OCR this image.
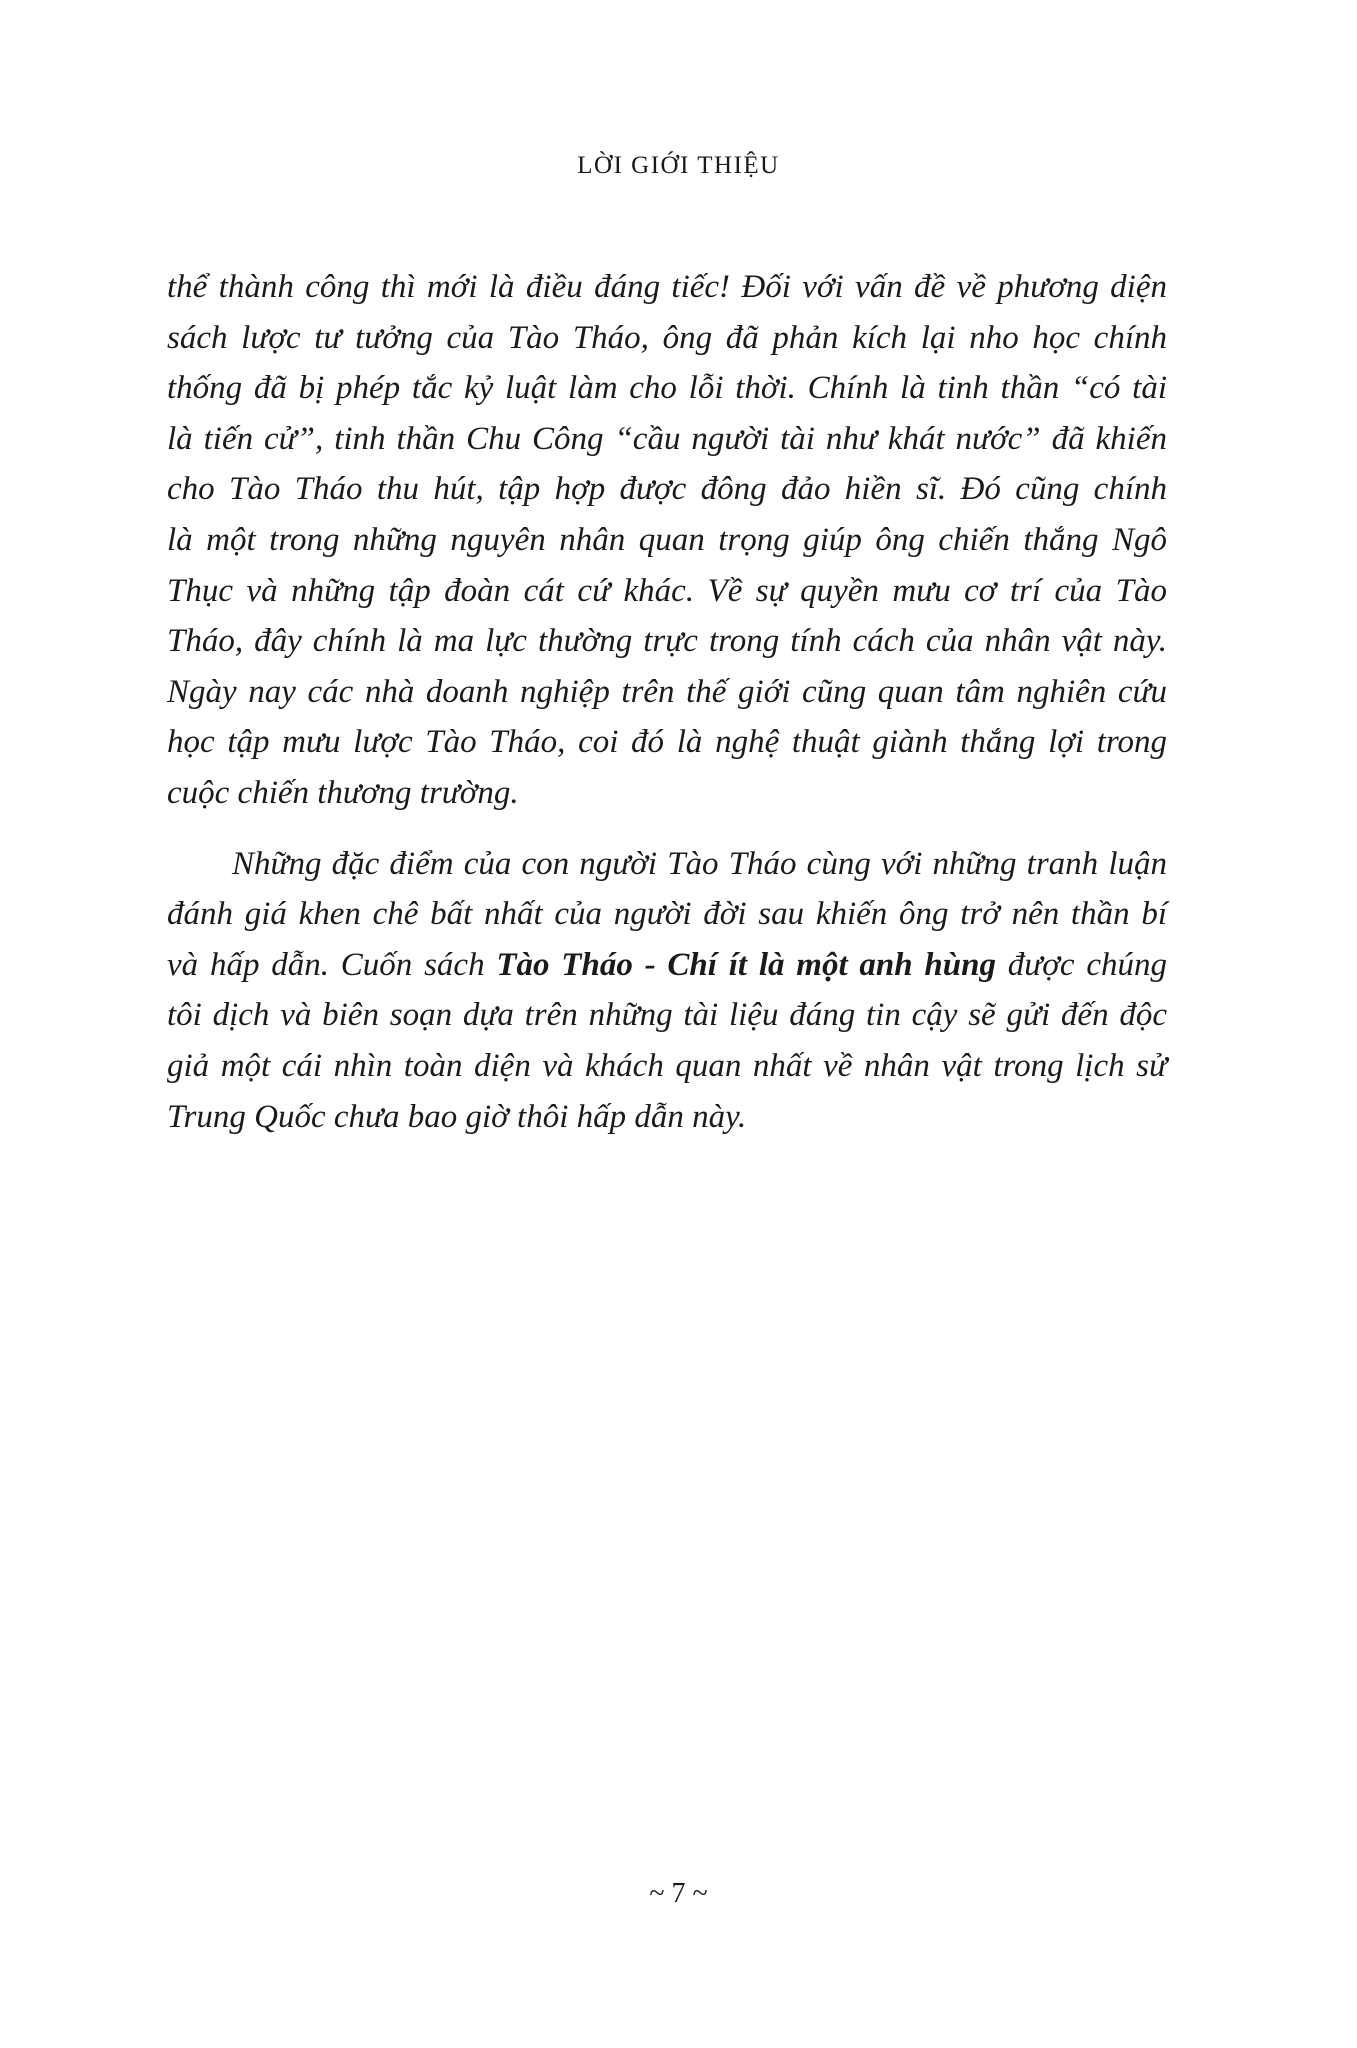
LỜI GIỚI THIỆU

thể thành công thì mới là điều đáng tiếc! Đối với vấn đề về phương diện
sách lược tư tưởng của Tào Tháo, ông đã phản kích lại nho học chính
thống đã bị phép tắc kỷ luật làm cho lỗi thời. Chính là tinh thần “có tài
là tiến cử”, tinh thần Chu Công “cầu người tài như khát nước” đã khiến
cho Tào Tháo thu hút, tập hợp được đông đảo hiền sĩ. Đó cũng chính
là một trong những nguyên nhân quan trọng giúp ông chiến thắng Ngô
Thục và những tập đoàn cát cứ khác. Về sự quyền mưu cơ trí của Tào
Tháo, đây chính là ma lực thường trực trong tính cách của nhân vật này.
Ngày nay các nhà doanh nghiệp trên thế giới cũng quan tâm nghiên cứu
học tập mưu lược Tào Tháo, coi đó là nghệ thuật giành thắng lợi trong
cuộc chiến thương trường.

Những đặc điểm của con người Tào Tháo cùng với những tranh luận
đánh giá khen chê bất nhất của người đời sau khiến ông trở nên thần bí
và hấp dẫn. Cuốn sách Tào Tháo - Chí ít là một anh hùng được chúng
tôi dịch và biên soạn dựa trên những tài liệu đáng tin cậy sẽ gửi đến độc
giả một cái nhìn toàn diện và khách quan nhất về nhân vật trong lịch sử
Trung Quốc chưa bao giờ thôi hấp dẫn này.

~ 7 ~
